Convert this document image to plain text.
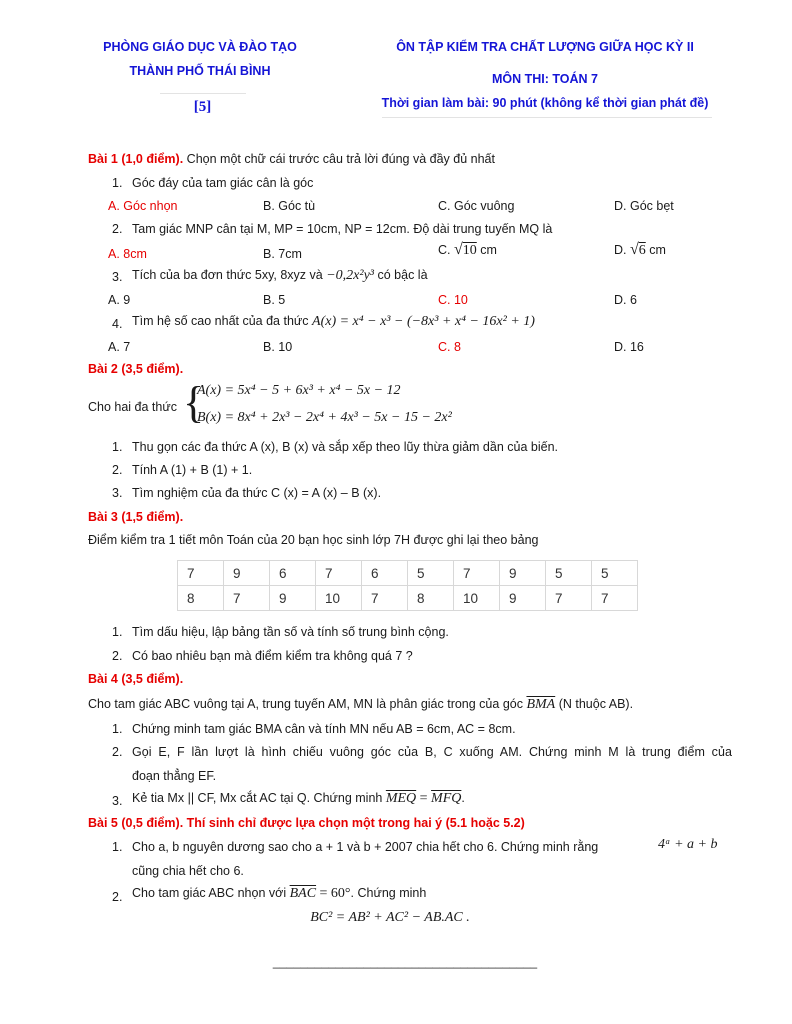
PHÒNG GIÁO DỤC VÀ ĐÀO TẠO
THÀNH PHỐ THÁI BÌNH
[5]
ÔN TẬP KIỂM TRA CHẤT LƯỢNG GIỮA HỌC KỲ II
MÔN THI: TOÁN 7
Thời gian làm bài: 90 phút (không kể thời gian phát đề)
Bài 1 (1,0 điểm). Chọn một chữ cái trước câu trả lời đúng và đầy đủ nhất
1. Góc đáy của tam giác cân là góc
A. Góc nhọn	B. Góc tù	C. Góc vuông	D. Góc bẹt
2. Tam giác MNP cân tại M, MP = 10cm, NP = 12cm. Độ dài trung tuyến MQ là
A. 8cm	B. 7cm	C. √10 cm	D. √6 cm
3. Tích của ba đơn thức 5xy, 8xyz và −0,2x²y³ có bậc là
A. 9	B. 5	C. 10	D. 6
4. Tìm hệ số cao nhất của đa thức A(x) = x⁴ − x³ − (−8x³ + x⁴ − 16x² + 1)
A. 7	B. 10	C. 8	D. 16
Bài 2 (3,5 điểm).
Cho hai đa thức {
A(x) = 5x⁴ − 5 + 6x³ + x⁴ − 5x − 12
B(x) = 8x⁴ + 2x³ − 2x⁴ + 4x³ − 5x − 15 − 2x²
1. Thu gọn các đa thức A (x), B (x) và sắp xếp theo lũy thừa giảm dần của biến.
2. Tính A (1) + B (1) + 1.
3. Tìm nghiệm của đa thức C (x) = A (x) – B (x).
Bài 3 (1,5 điểm).
Điểm kiểm tra 1 tiết môn Toán của 20 bạn học sinh lớp 7H được ghi lại theo bảng
7	9	6	7	6	5	7	9	5	5
8	7	9	10	7	8	10	9	7	7
1. Tìm dấu hiệu, lập bảng tần số và tính số trung bình cộng.
2. Có bao nhiêu bạn mà điểm kiểm tra không quá 7 ?
Bài 4 (3,5 điểm).
Cho tam giác ABC vuông tại A, trung tuyến AM, MN là phân giác trong của góc $\overline{BMA}$ (N thuộc AB).
1. Chứng minh tam giác BMA cân và tính MN nếu AB = 6cm, AC = 8cm.
2. Gọi E, F lần lượt là hình chiếu vuông góc của B, C xuống AM. Chứng minh M là trung điểm của
đoạn thẳng EF.
3. Kẻ tia Mx || CF, Mx cắt AC tại Q. Chứng minh $\overline{MEQ} = \overline{MFQ}$.
Bài 5 (0,5 điểm). Thí sinh chỉ được lựa chọn một trong hai ý (5.1 hoặc 5.2)
1. Cho a, b nguyên dương sao cho a + 1 và b + 2007 chia hết cho 6. Chứng minh rằng	4ᵃ + a + b
cũng chia hết cho 6.
2. Cho tam giác ABC nhọn với $\overline{BAC} = 60^\circ$. Chứng minh
BC² = AB² + AC² − AB.AC .
______________________________________
